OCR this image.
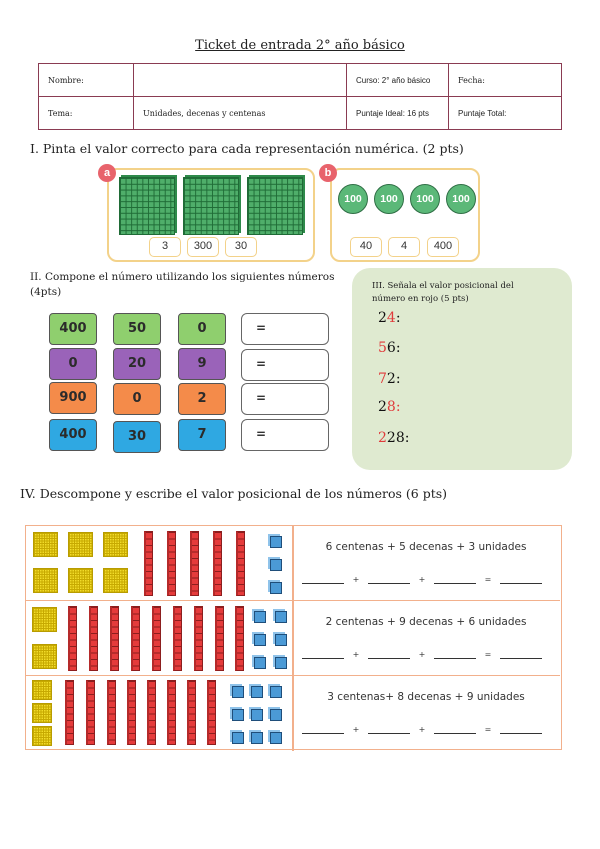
Ticket de entrada 2° año básico
Nombre:		Curso: 2° año básico	Fecha:
Tema:	Unidades, decenas y centenas	Puntaje Ideal: 16 pts	Puntaje Total:
I. Pinta el valor correcto para cada representación numérica. (2 pts)
3	300	30
a
100	100	100	100
40	4	400
b
II. Compone el número utilizando los siguientes números
(4pts)
400	50	0	=
0	20	9	=
900	0	2	=
400	30	7	=
III. Señala el valor posicional del
número en rojo (5 pts)
24:
56:
72:
28:
228:
IV. Descompone y escribe el valor posicional de los números (6 pts)
6 centenas + 5 decenas + 3 unidades
+	+	=
2 centenas + 9 decenas + 6 unidades
+	+	=
3 centenas+ 8 decenas + 9 unidades
+	+	=
